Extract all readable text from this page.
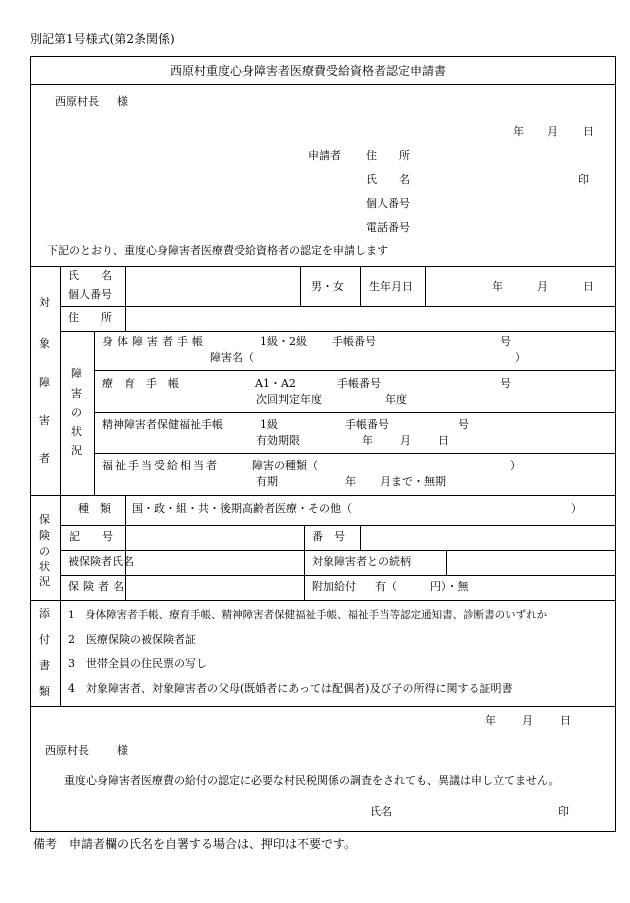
別記第1号様式(第2条関係)
西原村重度心身障害者医療費受給資格者認定申請書
西原村長 様
年 月 日
申請者 住　　所
氏　　名	印
個人番号
電話番号
下記のとおり、重度心身障害者医療費受給資格者の認定を申請します
対
象
障
害
者
氏　　名
個人番号
男・女 生年月日	年	月	日
住　　所
障
害
の
状
況
身体障害者手帳	1級・2級 手帳番号	号
障害名（	）
療　育　手　帳	A1・A2	手帳番号	号
次回判定年度	年度
精神障害者保健福祉手帳	1級	手帳番号	号
有効期限	年 月 日
福祉手当受給相当者	障害の種類（	）
有期	年 月まで・無期
保
険
の
状
況
種　類 国・政・組・共・後期高齢者医療・その他（	）
記　　号	番　号
被保険者氏名	対象障害者との続柄
保険者名	附加給付 有（　　　円）・無
添
付
書
類
1　身体障害者手帳、療育手帳、精神障害者保健福祉手帳、福祉手当等認定通知書、診断書のいずれか
2　医療保険の被保険者証
3　世帯全員の住民票の写し
4　対象障害者、対象障害者の父母(既婚者にあっては配偶者)及び子の所得に関する証明書
年 月 日
西原村長	様
重度心身障害者医療費の給付の認定に必要な村民税関係の調査をされても、異議は申し立てません。
氏名	印
備考　申請者欄の氏名を自署する場合は、押印は不要です。
